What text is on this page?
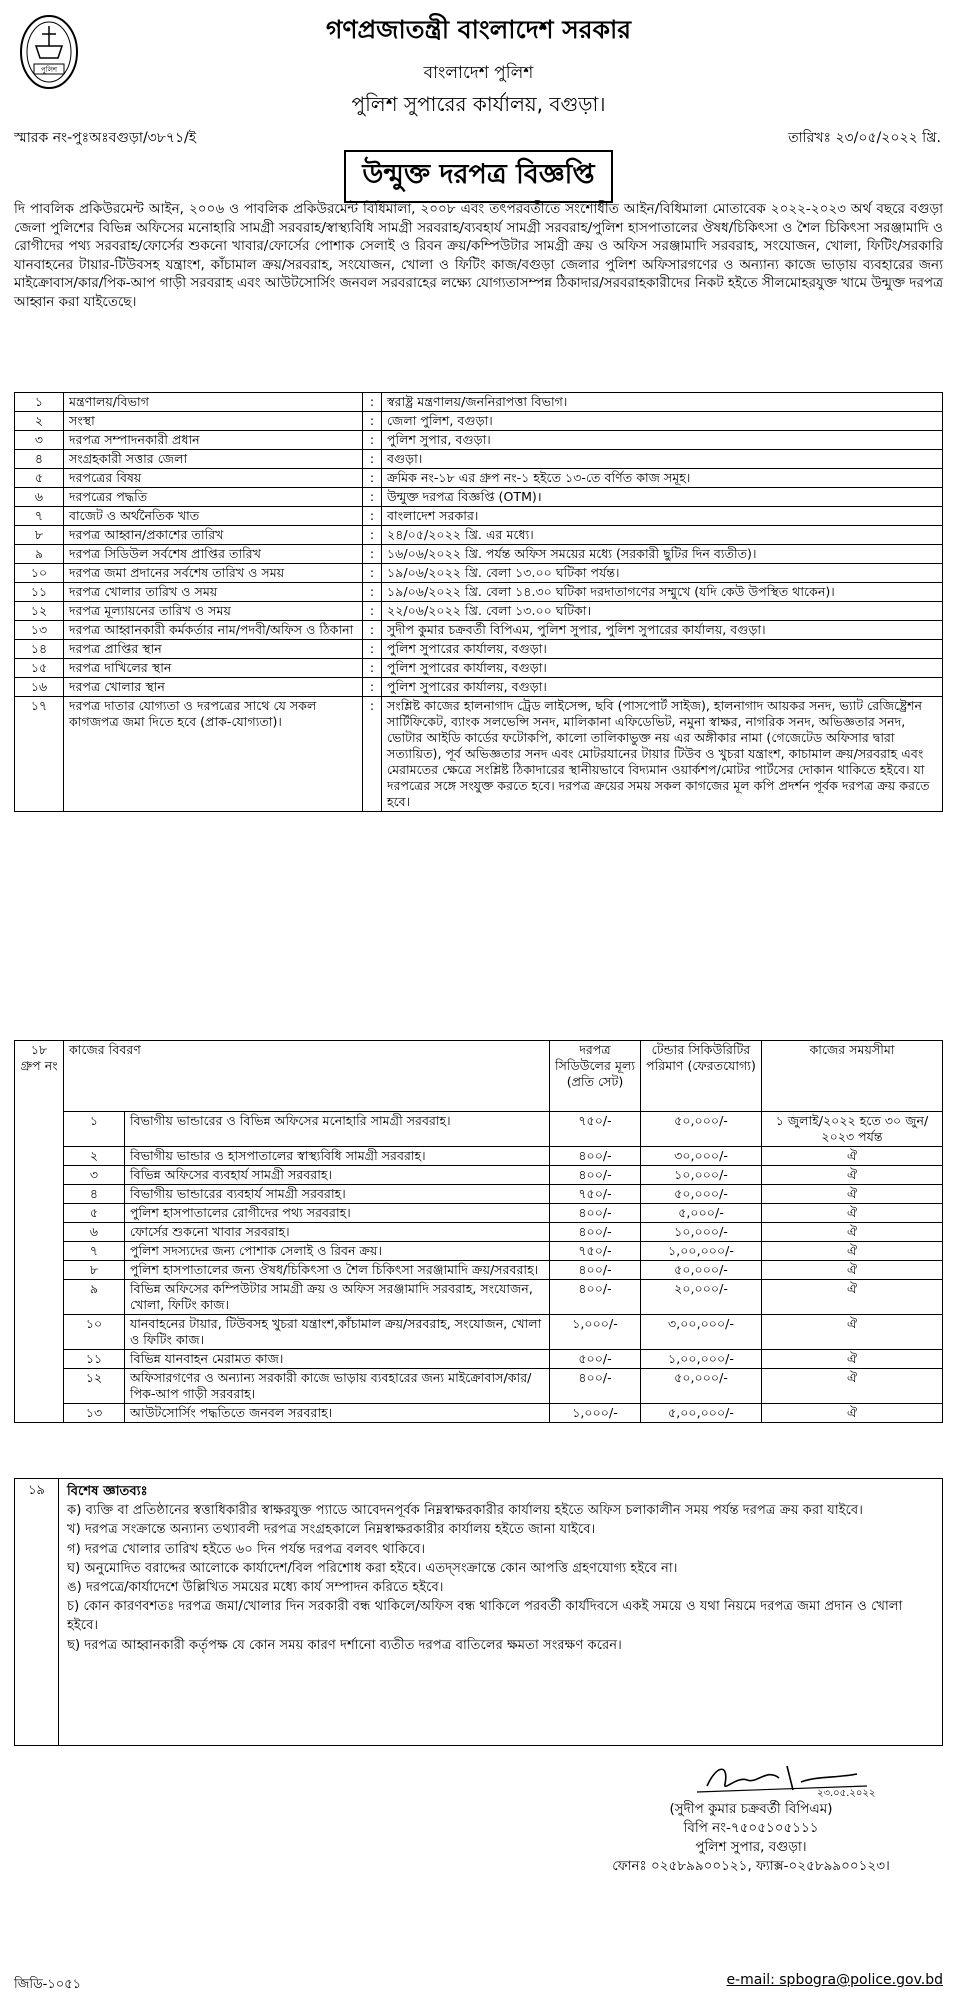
পুলিশ
গণপ্রজাতন্ত্রী বাংলাদেশ সরকার
বাংলাদেশ পুলিশ
পুলিশ সুপারের কার্যালয়, বগুড়া।
স্মারক নং-পুঃঅঃবগুড়া/৩৮৭১/ই	তারিখঃ ২৩/০৫/২০২২ খ্রি.
উন্মুক্ত দরপত্র বিজ্ঞপ্তি
দি পাবলিক প্রকিউরমেন্ট আইন, ২০০৬ ও পাবলিক প্রকিউরমেন্ট বিধিমালা, ২০০৮ এবং তৎপরবর্তীতে সংশোধীত আইন/বিধিমালা মোতাবেক ২০২২-২০২৩ অর্থ বছরে বগুড়া জেলা পুলিশের বিভিন্ন অফিসের মনোহারি সামগ্রী সরবরাহ/স্বাস্থ্যবিধি সামগ্রী সরবরাহ/ব্যবহার্য সামগ্রী সরবরাহ/পুলিশ হাসপাতালের ঔষধ/চিকিৎসা ও শৈল চিকিৎসা সরঞ্জামাদি ও রোগীদের পথ্য সরবরাহ/ফোর্সের শুকনো খাবার/ফোর্সের পোশাক সেলাই ও রিবন ক্রয়/কম্পিউটার সামগ্রী ক্রয় ও অফিস সরঞ্জামাদি সরবরাহ, সংযোজন, খোলা, ফিটিং/সরকারি যানবাহনের টায়ার-টিউবসহ যন্ত্রাংশ, কাঁচামাল ক্রয়/সরবরাহ, সংযোজন, খোলা ও ফিটিং কাজ/বগুড়া জেলার পুলিশ অফিসারগণের ও অন্যান্য কাজে ভাড়ায় ব্যবহারের জন্য মাইক্রোবাস/কার/পিক-আপ গাড়ী সরবরাহ এবং আউটসোর্সিং জনবল সরবরাহের লক্ষ্যে যোগ্যতাসম্পন্ন ঠিকাদার/সরবরাহকারীদের নিকট হইতে সীলমোহরযুক্ত খামে উন্মুক্ত দরপত্র আহ্বান করা যাইতেছে।
১	মন্ত্রণালয়/বিভাগ	:	স্বরাষ্ট্র মন্ত্রণালয়/জননিরাপত্তা বিভাগ।
২	সংস্থা	:	জেলা পুলিশ, বগুড়া।
৩	দরপত্র সম্পাদনকারী প্রধান	:	পুলিশ সুপার, বগুড়া।
৪	সংগ্রহকারী সত্তার জেলা	:	বগুড়া।
৫	দরপত্রের বিষয়	:	ক্রমিক নং-১৮ এর গ্রুপ নং-১ হইতে ১৩-তে বর্ণিত কাজ সমূহ।
৬	দরপত্রের পদ্ধতি	:	উন্মুক্ত দরপত্র বিজ্ঞপ্তি (OTM)।
৭	বাজেট ও অর্থনৈতিক খাত	:	বাংলাদেশ সরকার।
৮	দরপত্র আহ্বান/প্রকাশের তারিখ	:	২৪/০৫/২০২২ খ্রি. এর মধ্যে।
৯	দরপত্র সিডিউল সর্বশেষ প্রাপ্তির তারিখ	:	১৬/০৬/২০২২ খ্রি. পর্যন্ত অফিস সময়ের মধ্যে (সরকারী ছুটির দিন ব্যতীত)।
১০	দরপত্র জমা প্রদানের সর্বশেষ তারিখ ও সময়	:	১৯/০৬/২০২২ খ্রি. বেলা ১৩.০০ ঘটিকা পর্যন্ত।
১১	দরপত্র খোলার তারিখ ও সময়	:	১৯/০৬/২০২২ খ্রি. বেলা ১৪.৩০ ঘটিকা দরদাতাগণের সম্মুখে (যদি কেউ উপস্থিত থাকেন)।
১২	দরপত্র মূল্যায়নের তারিখ ও সময়	:	২২/০৬/২০২২ খ্রি. বেলা ১৩.০০ ঘটিকা।
১৩	দরপত্র আহ্বানকারী কর্মকর্তার নাম/পদবী/অফিস ও ঠিকানা	:	সুদীপ কুমার চক্রবর্তী বিপিএম, পুলিশ সুপার, পুলিশ সুপারের কার্যালয়, বগুড়া।
১৪	দরপত্র প্রাপ্তির স্থান	:	পুলিশ সুপারের কার্যালয়, বগুড়া।
১৫	দরপত্র দাখিলের স্থান	:	পুলিশ সুপারের কার্যালয়, বগুড়া।
১৬	দরপত্র খোলার স্থান	:	পুলিশ সুপারের কার্যালয়, বগুড়া।
১৭	দরপত্র দাতার যোগ্যতা ও দরপত্রের সাথে যে সকল কাগজপত্র জমা দিতে হবে (প্রাক-যোগ্যতা)।	:	সংশ্লিষ্ট কাজের হালনাগাদ ট্রেড লাইসেন্স, ছবি (পাসপোর্ট সাইজ), হালনাগাদ আয়কর সনদ, ভ্যাট রেজিষ্ট্রেশন সার্টিফিকেট, ব্যাংক সলভেন্সি সনদ, মালিকানা এফিডেভিট, নমুনা স্বাক্ষর, নাগরিক সনদ, অভিজ্ঞতার সনদ, ভোটার আইডি কার্ডের ফটোকপি, কালো তালিকাভুক্ত নয় এর অঙ্গীকার নামা (গেজেটেড অফিসার দ্বারা সত্যায়িত), পূর্ব অভিজ্ঞতার সনদ এবং মোটরযানের টায়ার টিউব ও খুচরা যন্ত্রাংশ, কাচামাল ক্রয়/সরবরাহ এবং মেরামতের ক্ষেত্রে সংশ্লিষ্ট ঠিকাদারের স্থানীয়ভাবে বিদ্যমান ওয়ার্কশপ/মোটর পার্টসের দোকান থাকিতে হইবে। যা দরপত্রের সঙ্গে সংযুক্ত করতে হবে। দরপত্র ক্রয়ের সময় সকল কাগজের মূল কপি প্রদর্শন পূর্বক দরপত্র ক্রয় করতে হবে।
১৮ গ্রুপ নং	কাজের বিবরণ		দরপত্র সিডিউলের মূল্য (প্রতি সেট)	টেন্ডার সিকিউরিটির পরিমাণ (ফেরতযোগ্য)	কাজের সময়সীমা
	১	বিভাগীয় ভান্ডারের ও বিভিন্ন অফিসের মনোহারি সামগ্রী সরবরাহ।	৭৫০/-	৫০,০০০/-	১ জুলাই/২০২২ হতে ৩০ জুন/২০২৩ পর্যন্ত
	২	বিভাগীয় ভান্ডার ও হাসপাতালের স্বাস্থ্যবিধি সামগ্রী সরবরাহ।	৪০০/-	৩০,০০০/-	ঐ
	৩	বিভিন্ন অফিসের ব্যবহার্য সামগ্রী সরবরাহ।	৪০০/-	১০,০০০/-	ঐ
	৪	বিভাগীয় ভান্ডারের ব্যবহার্য সামগ্রী সরবরাহ।	৭৫০/-	৫০,০০০/-	ঐ
	৫	পুলিশ হাসপাতালের রোগীদের পথ্য সরবরাহ।	৪০০/-	৫,০০০/-	ঐ
	৬	ফোর্সের শুকনো খাবার সরবরাহ।	৪০০/-	১০,০০০/-	ঐ
	৭	পুলিশ সদস্যদের জন্য পোশাক সেলাই ও রিবন ক্রয়।	৭৫০/-	১,০০,০০০/-	ঐ
	৮	পুলিশ হাসপাতালের জন্য ঔষধ/চিকিৎসা ও শৈল চিকিৎসা সরঞ্জামাদি ক্রয়/সরবরাহ।	৪০০/-	৫০,০০০/-	ঐ
	৯	বিভিন্ন অফিসের কম্পিউটার সামগ্রী ক্রয় ও অফিস সরঞ্জামাদি সরবরাহ, সংযোজন, খোলা, ফিটিং কাজ।	৪০০/-	২০,০০০/-	ঐ
	১০	যানবাহনের টায়ার, টিউবসহ খুচরা যন্ত্রাংশ,কাঁচামাল ক্রয়/সরবরাহ, সংযোজন, খোলা ও ফিটিং কাজ।	১,০০০/-	৩,০০,০০০/-	ঐ
	১১	বিভিন্ন যানবাহন মেরামত কাজ।	৫০০/-	১,০০,০০০/-	ঐ
	১২	অফিসারগণের ও অন্যান্য সরকারী কাজে ভাড়ায় ব্যবহারের জন্য মাইক্রোবাস/কার/পিক-আপ গাড়ী সরবরাহ।	৪০০/-	৫০,০০০/-	ঐ
	১৩	আউটসোর্সিং পদ্ধতিতে জনবল সরবরাহ।	১,০০০/-	৫,০০,০০০/-	ঐ
১৯	বিশেষ জ্ঞাতব্যঃ
ক) ব্যক্তি বা প্রতিষ্ঠানের স্বত্তাধিকারীর স্বাক্ষরযুক্ত প্যাডে আবেদনপূর্বক নিম্নস্বাক্ষরকারীর কার্যালয় হইতে অফিস চলাকালীন সময় পর্যন্ত দরপত্র ক্রয় করা যাইবে।
খ) দরপত্র সংক্রান্তে অন্যান্য তথ্যাবলী দরপত্র সংগ্রহকালে নিম্নস্বাক্ষরকারীর কার্যালয় হইতে জানা যাইবে।
গ) দরপত্র খোলার তারিখ হইতে ৬০ দিন পর্যন্ত দরপত্র বলবৎ থাকিবে।
ঘ) অনুমোদিত বরাদ্দের আলোকে কার্যাদেশ/বিল পরিশোধ করা হইবে। এতদ্সংক্রান্তে কোন আপত্তি গ্রহণযোগ্য হইবে না।
ঙ) দরপত্রে/কার্যাদেশে উল্লিখিত সময়ের মধ্যে কার্য সম্পাদন করিতে হইবে।
চ) কোন কারণবশতঃ দরপত্র জমা/খোলার দিন সরকারী বন্ধ থাকিলে/অফিস বন্ধ থাকিলে পরবর্তী কার্যদিবসে একই সময়ে ও যথা নিয়মে দরপত্র জমা প্রদান ও খোলা হইবে।
ছ) দরপত্র আহ্বানকারী কর্তৃপক্ষ যে কোন সময় কারণ দর্শানো ব্যতীত দরপত্র বাতিলের ক্ষমতা সংরক্ষণ করেন।
২৩.০৫.২০২২
(সুদীপ কুমার চক্রবর্তী বিপিএম)
বিপি নং-৭৫০৫১০৫১১১
পুলিশ সুপার, বগুড়া।
ফোনঃ ০২৫৮৯৯০০১২১, ফ্যাক্স-০২৫৮৯৯০০১২৩।
জিডি-১০৫১	e-mail: spbogra@police.gov.bd
